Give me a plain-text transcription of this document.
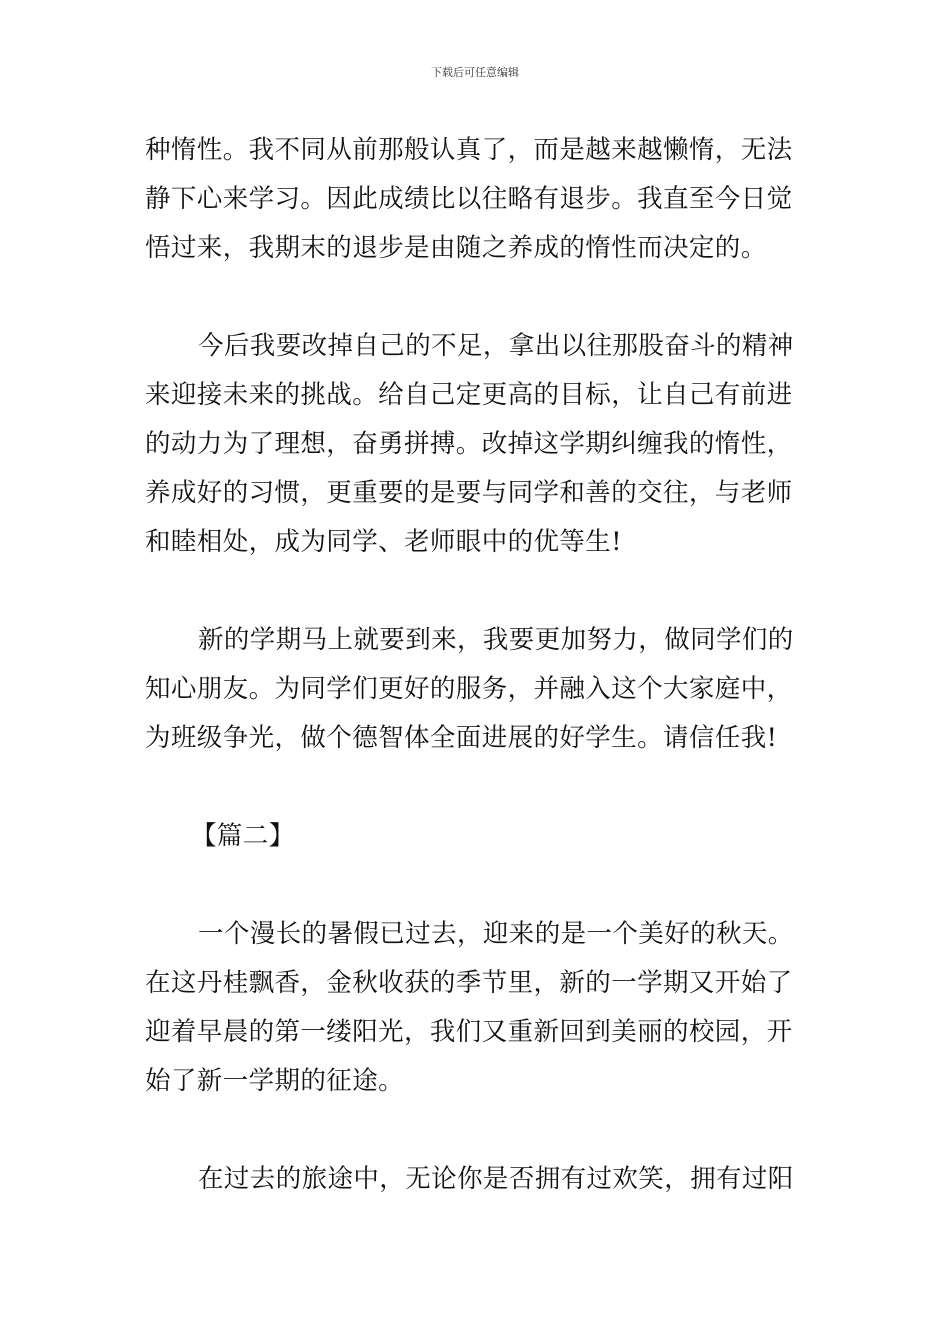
下载后可任意编辑
种惰性。我不同从前那般认真了，而是越来越懒惰，无法
静下心来学习。因此成绩比以往略有退步。我直至今日觉
悟过来，我期末的退步是由随之养成的惰性而决定的。
今后我要改掉自己的不足，拿出以往那股奋斗的精神
来迎接未来的挑战。给自己定更高的目标，让自己有前进
的动力为了理想，奋勇拼搏。改掉这学期纠缠我的惰性，
养成好的习惯，更重要的是要与同学和善的交往，与老师
和睦相处，成为同学、老师眼中的优等生!
新的学期马上就要到来，我要更加努力，做同学们的
知心朋友。为同学们更好的服务，并融入这个大家庭中，
为班级争光，做个德智体全面进展的好学生。请信任我!
【篇二】
一个漫长的暑假已过去，迎来的是一个美好的秋天。
在这丹桂飘香，金秋收获的季节里，新的一学期又开始了
迎着早晨的第一缕阳光，我们又重新回到美丽的校园，开
始了新一学期的征途。
在过去的旅途中，无论你是否拥有过欢笑，拥有过阳
